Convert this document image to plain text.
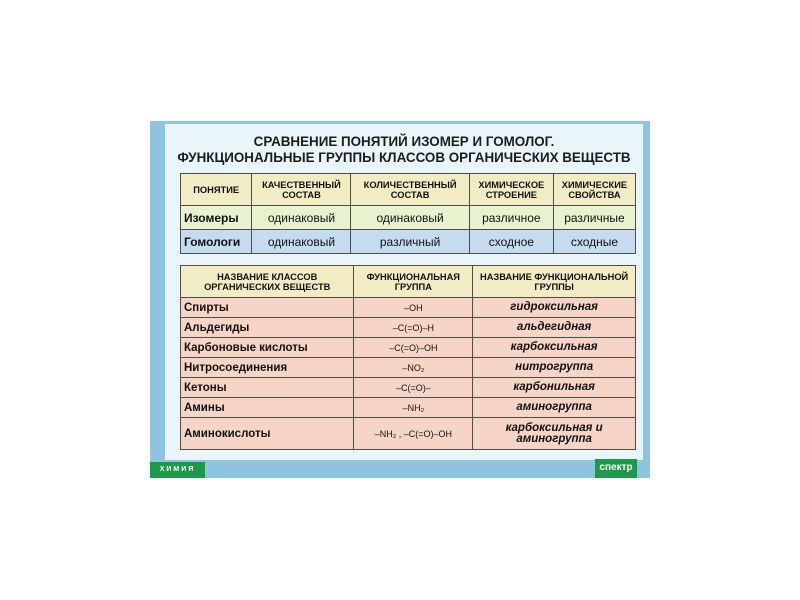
СРАВНЕНИЕ ПОНЯТИЙ ИЗОМЕР И ГОМОЛОГ.
ФУНКЦИОНАЛЬНЫЕ ГРУППЫ КЛАССОВ ОРГАНИЧЕСКИХ ВЕЩЕСТВ
ПОНЯТИЕ	КАЧЕСТВЕННЫЙ СОСТАВ	КОЛИЧЕСТВЕННЫЙ СОСТАВ	ХИМИЧЕСКОЕ СТРОЕНИЕ	ХИМИЧЕСКИЕ СВОЙСТВА
Изомеры	одинаковый	одинаковый	различное	различные
Гомологи	одинаковый	различный	сходное	сходные
НАЗВАНИЕ КЛАССОВ ОРГАНИЧЕСКИХ ВЕЩЕСТВ	ФУНКЦИОНАЛЬНАЯ ГРУППА	НАЗВАНИЕ ФУНКЦИОНАЛЬНОЙ ГРУППЫ
Спирты	–OH	гидроксильная
Альдегиды	–C(=O)–H	альдегидная
Карбоновые кислоты	–C(=O)–OH	карбоксильная
Нитросоединения	–NO₂	нитрогруппа
Кетоны	–C(=O)–	карбонильная
Амины	–NH₂	аминогруппа
Аминокислоты	–NH₂ , –C(=O)–OH	карбоксильная и аминогруппа
ХИМИЯ	спектр
